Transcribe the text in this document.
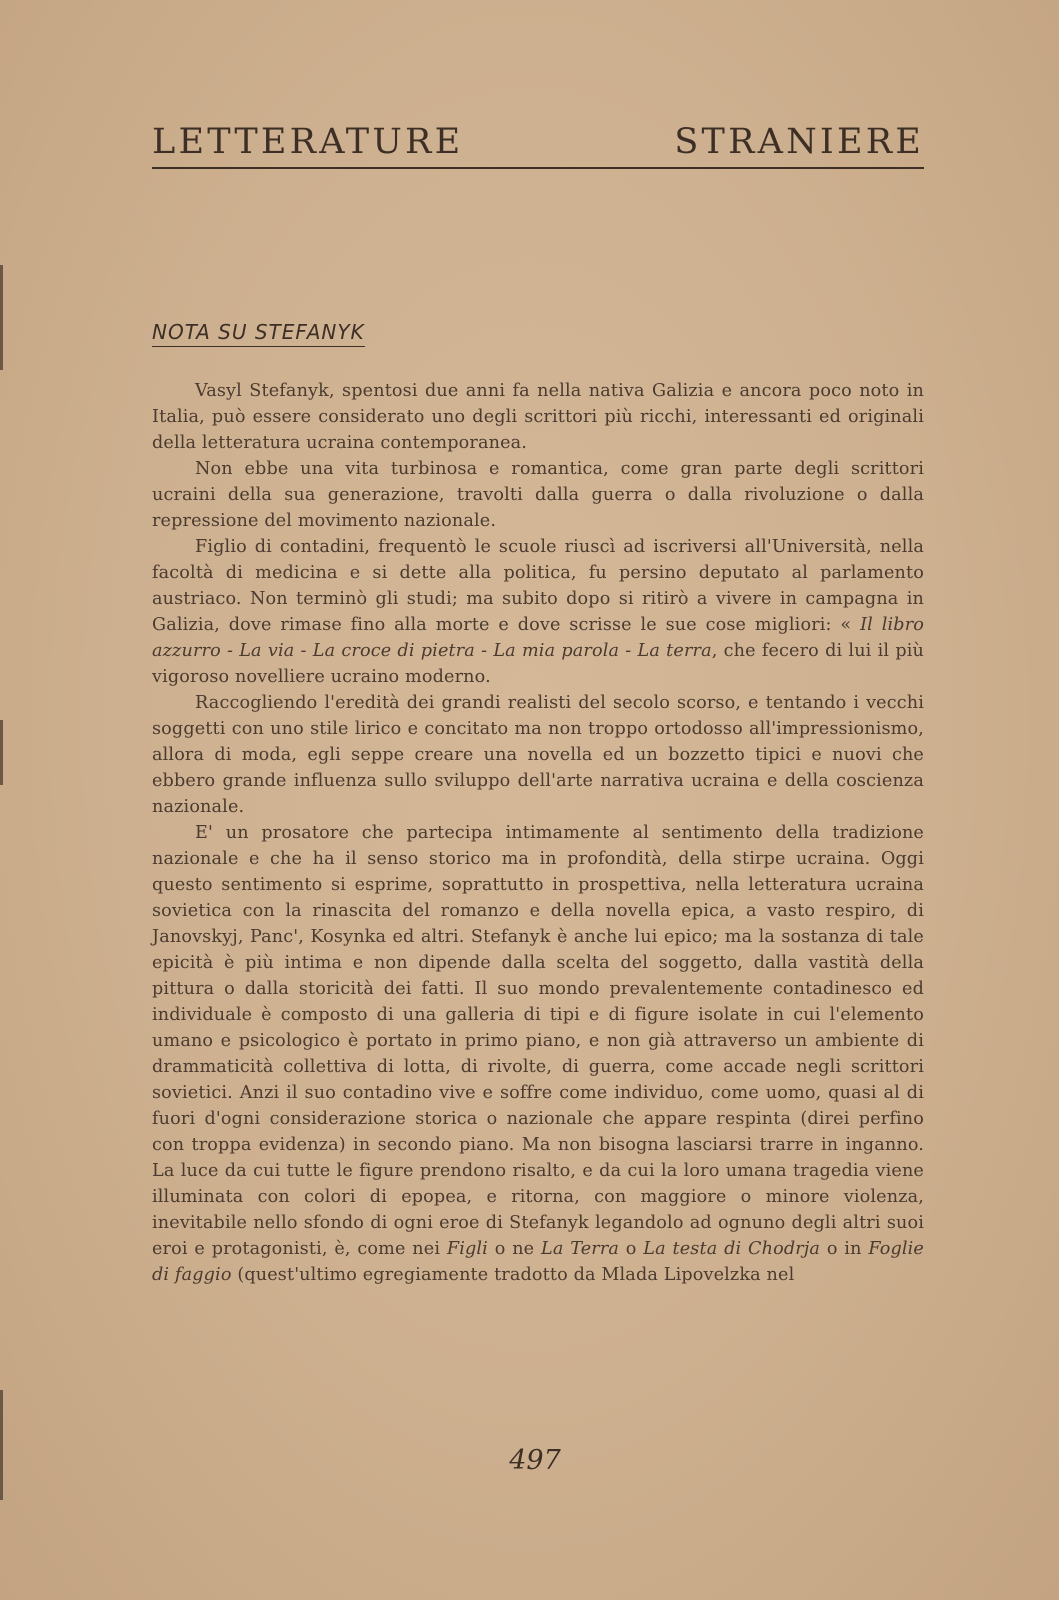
LETTERATURE	STRANIERE
NOTA SU STEFANYK

Vasyl Stefanyk, spentosi due anni fa nella nativa Galizia e ancora poco noto in Italia, può essere considerato uno degli scrittori più ricchi, interessanti ed originali della letteratura ucraina contemporanea.

Non ebbe una vita turbinosa e romantica, come gran parte degli scrittori ucraini della sua generazione, travolti dalla guerra o dalla rivoluzione o dalla repressione del movimento nazionale.

Figlio di contadini, frequentò le scuole riuscì ad iscriversi all'Università, nella facoltà di medicina e si dette alla politica, fu persino deputato al parlamento austriaco. Non terminò gli studi; ma subito dopo si ritirò a vivere in campagna in Galizia, dove rimase fino alla morte e dove scrisse le sue cose migliori: « Il libro azzurro - La via - La croce di pietra - La mia parola - La terra, che fecero di lui il più vigoroso novelliere ucraino moderno.

Raccogliendo l'eredità dei grandi realisti del secolo scorso, e tentando i vecchi soggetti con uno stile lirico e concitato ma non troppo ortodosso all'impressionismo, allora di moda, egli seppe creare una novella ed un bozzetto tipici e nuovi che ebbero grande influenza sullo sviluppo dell'arte narrativa ucraina e della coscienza nazionale.

E' un prosatore che partecipa intimamente al sentimento della tradizione nazionale e che ha il senso storico ma in profondità, della stirpe ucraina. Oggi questo sentimento si esprime, soprattutto in prospettiva, nella letteratura ucraina sovietica con la rinascita del romanzo e della novella epica, a vasto respiro, di Janovskyj, Panc', Kosynka ed altri. Stefanyk è anche lui epico; ma la sostanza di tale epicità è più intima e non dipende dalla scelta del soggetto, dalla vastità della pittura o dalla storicità dei fatti. Il suo mondo prevalentemente contadinesco ed individuale è composto di una galleria di tipi e di figure isolate in cui l'elemento umano e psicologico è portato in primo piano, e non già attraverso un ambiente di drammaticità collettiva di lotta, di rivolte, di guerra, come accade negli scrittori sovietici. Anzi il suo contadino vive e soffre come individuo, come uomo, quasi al di fuori d'ogni considerazione storica o nazionale che appare respinta (direi perfino con troppa evidenza) in secondo piano. Ma non bisogna lasciarsi trarre in inganno. La luce da cui tutte le figure prendono risalto, e da cui la loro umana tragedia viene illuminata con colori di epopea, e ritorna, con maggiore o minore violenza, inevitabile nello sfondo di ogni eroe di Stefanyk legandolo ad ognuno degli altri suoi eroi e protagonisti, è, come nei Figli o ne La Terra o La testa di Chodrja o in Foglie di faggio (quest'ultimo egregiamente tradotto da Mlada Lipovelzka nel

497
